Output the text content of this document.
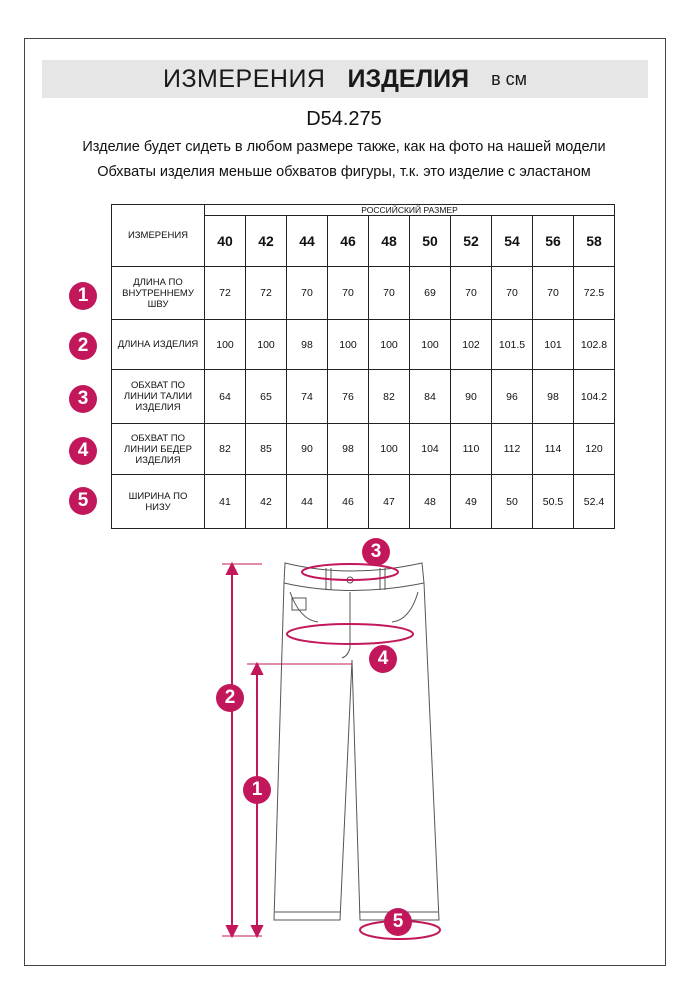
ИЗМЕРЕНИЯ ИЗДЕЛИЯ в см
D54.275
Изделие будет сидеть в любом размере также, как на фото на нашей модели
Обхваты изделия меньше обхватов фигуры, т.к. это изделие с эластаном
ИЗМЕРЕНИЯ	РОССИЙСКИЙ РАЗМЕР									
	40	42	44	46	48	50	52	54	56	58
ДЛИНА ПО
ВНУТРЕННЕМУ
ШВУ	72	72	70	70	70	69	70	70	70	72.5
ДЛИНА ИЗДЕЛИЯ	100	100	98	100	100	100	102	101.5	101	102.8
ОБХВАТ ПО
ЛИНИИ ТАЛИИ
ИЗДЕЛИЯ	64	65	74	76	82	84	90	96	98	104.2
ОБХВАТ ПО
ЛИНИИ БЕДЕР
ИЗДЕЛИЯ	82	85	90	98	100	104	110	112	114	120
ШИРИНА ПО
НИЗУ	41	42	44	46	47	48	49	50	50.5	52.4
1
2
3
4
5
3
4
2
1
5
